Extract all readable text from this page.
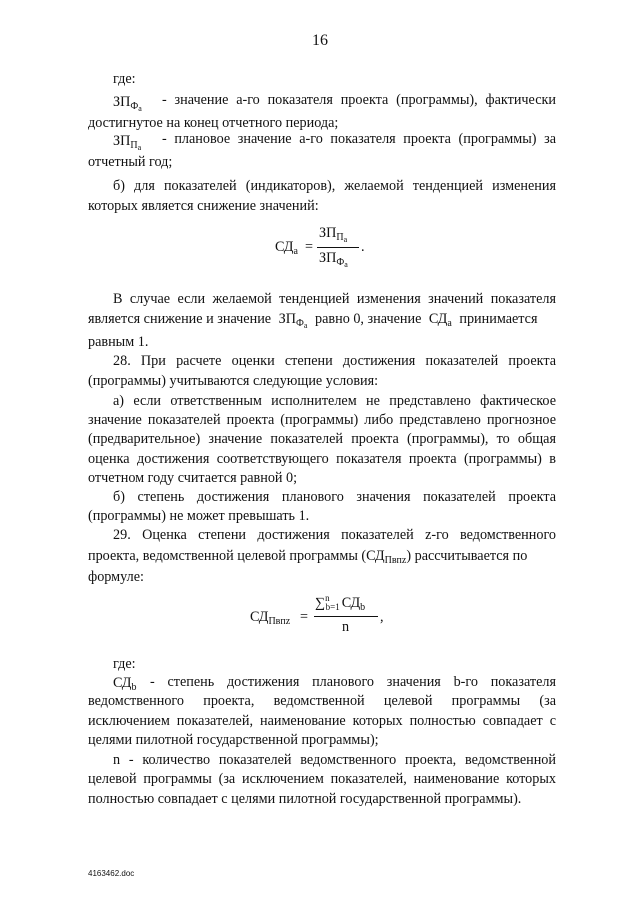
16
где:
$ЗП_{Ф_а}$
- значение а-го показателя проекта (программы), фактически
достигнутое на конец отчетного периода;
$ЗП_{П_а}$
- плановое значение а-го показателя проекта (программы) за
отчетный год;
б) для показателей (индикаторов), желаемой тенденцией изменения
которых является снижение значений:
$СД_а$ =
$ЗП_{П_а}$
$ЗП_{Ф_а}$
.
В случае если желаемой тенденцией изменения значений показателя
является снижение и значение $ЗП_{Ф_а}$ равно 0, значение $СД_а$ принимается
равным 1.
28. При расчете оценки степени достижения показателей проекта
(программы) учитываются следующие условия:
а) если ответственным исполнителем не представлено фактическое
значение показателей проекта (программы) либо представлено прогнозное
(предварительное) значение показателей проекта (программы), то общая
оценка достижения соответствующего показателя проекта (программы) в
отчетном году считается равной 0;
б) степень достижения планового значения показателей проекта
(программы) не может превышать 1.
29. Оценка степени достижения показателей z-го ведомственного
проекта, ведомственной целевой программы $(СД_{Пвпz})$ рассчитывается по
формуле:
$СД_{Пвпz}$ =
∑$^n_{b=1}$ $СД_b$
n
,
где:
$СД_b$ - степень достижения планового значения b-го показателя
ведомственного проекта, ведомственной целевой программы (за
исключением показателей, наименование которых полностью совпадает с
целями пилотной государственной программы);
n - количество показателей ведомственного проекта, ведомственной
целевой программы (за исключением показателей, наименование которых
полностью совпадает с целями пилотной государственной программы).
4163462.doc
